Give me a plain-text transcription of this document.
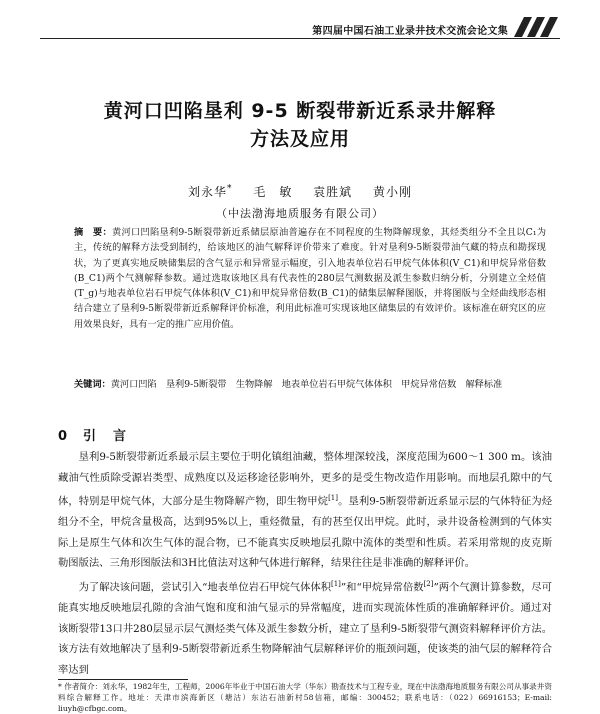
第四届中国石油工业录井技术交流会论文集
黄河口凹陷垦利 9-5 断裂带新近系录井解释
方法及应用
刘永华* 毛　敏 袁胜斌 黄小刚
（中法渤海地质服务有限公司）
摘　要：黄河口凹陷垦利9-5断裂带新近系储层原油普遍存在不同程度的生物降解现象，其烃类组分不全且以C₁为主，传统的解释方法受到制约，给该地区的油气解释评价带来了难度。针对垦利9-5断裂带油气藏的特点和勘探现状，为了更真实地反映储集层的含气显示和异常显示幅度，引入地表单位岩石甲烷气体体积(V_C1)和甲烷异常倍数(B_C1)两个气测解释参数。通过选取该地区具有代表性的280层气测数据及派生参数归纳分析，分别建立全烃值(T_g)与地表单位岩石甲烷气体体积(V_C1)和甲烷异常倍数(B_C1)的储集层解释图版，并将图版与全烃曲线形态相结合建立了垦利9-5断裂带新近系解释评价标准，利用此标准可实现该地区储集层的有效评价。该标准在研究区的应用效果良好，具有一定的推广应用价值。
关键词：黄河口凹陷　垦利9-5断裂带　生物降解　地表单位岩石甲烷气体体积　甲烷异常倍数　解释标准
0 引　言

垦利9-5断裂带新近系最示层主要位于明化镇组油藏，整体埋深较浅，深度范围为600～1 300 m。该油藏油气性质除受源岩类型、成熟度以及运移途径影响外，更多的是受生物改造作用影响。而地层孔隙中的气体，特别是甲烷气体，大部分是生物降解产物，即生物甲烷[1]。垦利9-5断裂带新近系显示层的气体特征为烃组分不全，甲烷含量极高，达到95%以上，重烃微量，有的甚至仅出甲烷。此时，录井设备检测到的气体实际上是原生气体和次生气体的混合物，已不能真实反映地层孔隙中流体的类型和性质。若采用常规的皮克斯勒图版法、三角形图版法和3H比值法对这种气体进行解释，结果往往是非准确的解释评价。

为了解决该问题，尝试引入“地表单位岩石甲烷气体体积[1]”和“甲烷异常倍数[2]”两个气测计算参数，尽可能真实地反映地层孔隙的含油气饱和度和油气显示的异常幅度，进而实现流体性质的准确解释评价。通过对该断裂带13口井280层显示层气测烃类气体及派生参数分析，建立了垦利9-5断裂带气测资料解释评价方法。该方法有效地解决了垦利9-5断裂带新近系生物降解油气层解释评价的瓶颈问题，使该类的油气层的解释符合率达到

* 作者简介：刘永华，1982年生，工程师，2006年毕业于中国石油大学（华东）勘查技术与工程专业，现在中法渤海地质服务有限公司从事录井资料综合解释工作。地址：天津市滨海新区（塘沽）东沽石油新村58信箱，邮编：300452；联系电话：（022）66916153；E-mail: liuyh@cfbgc.com。
